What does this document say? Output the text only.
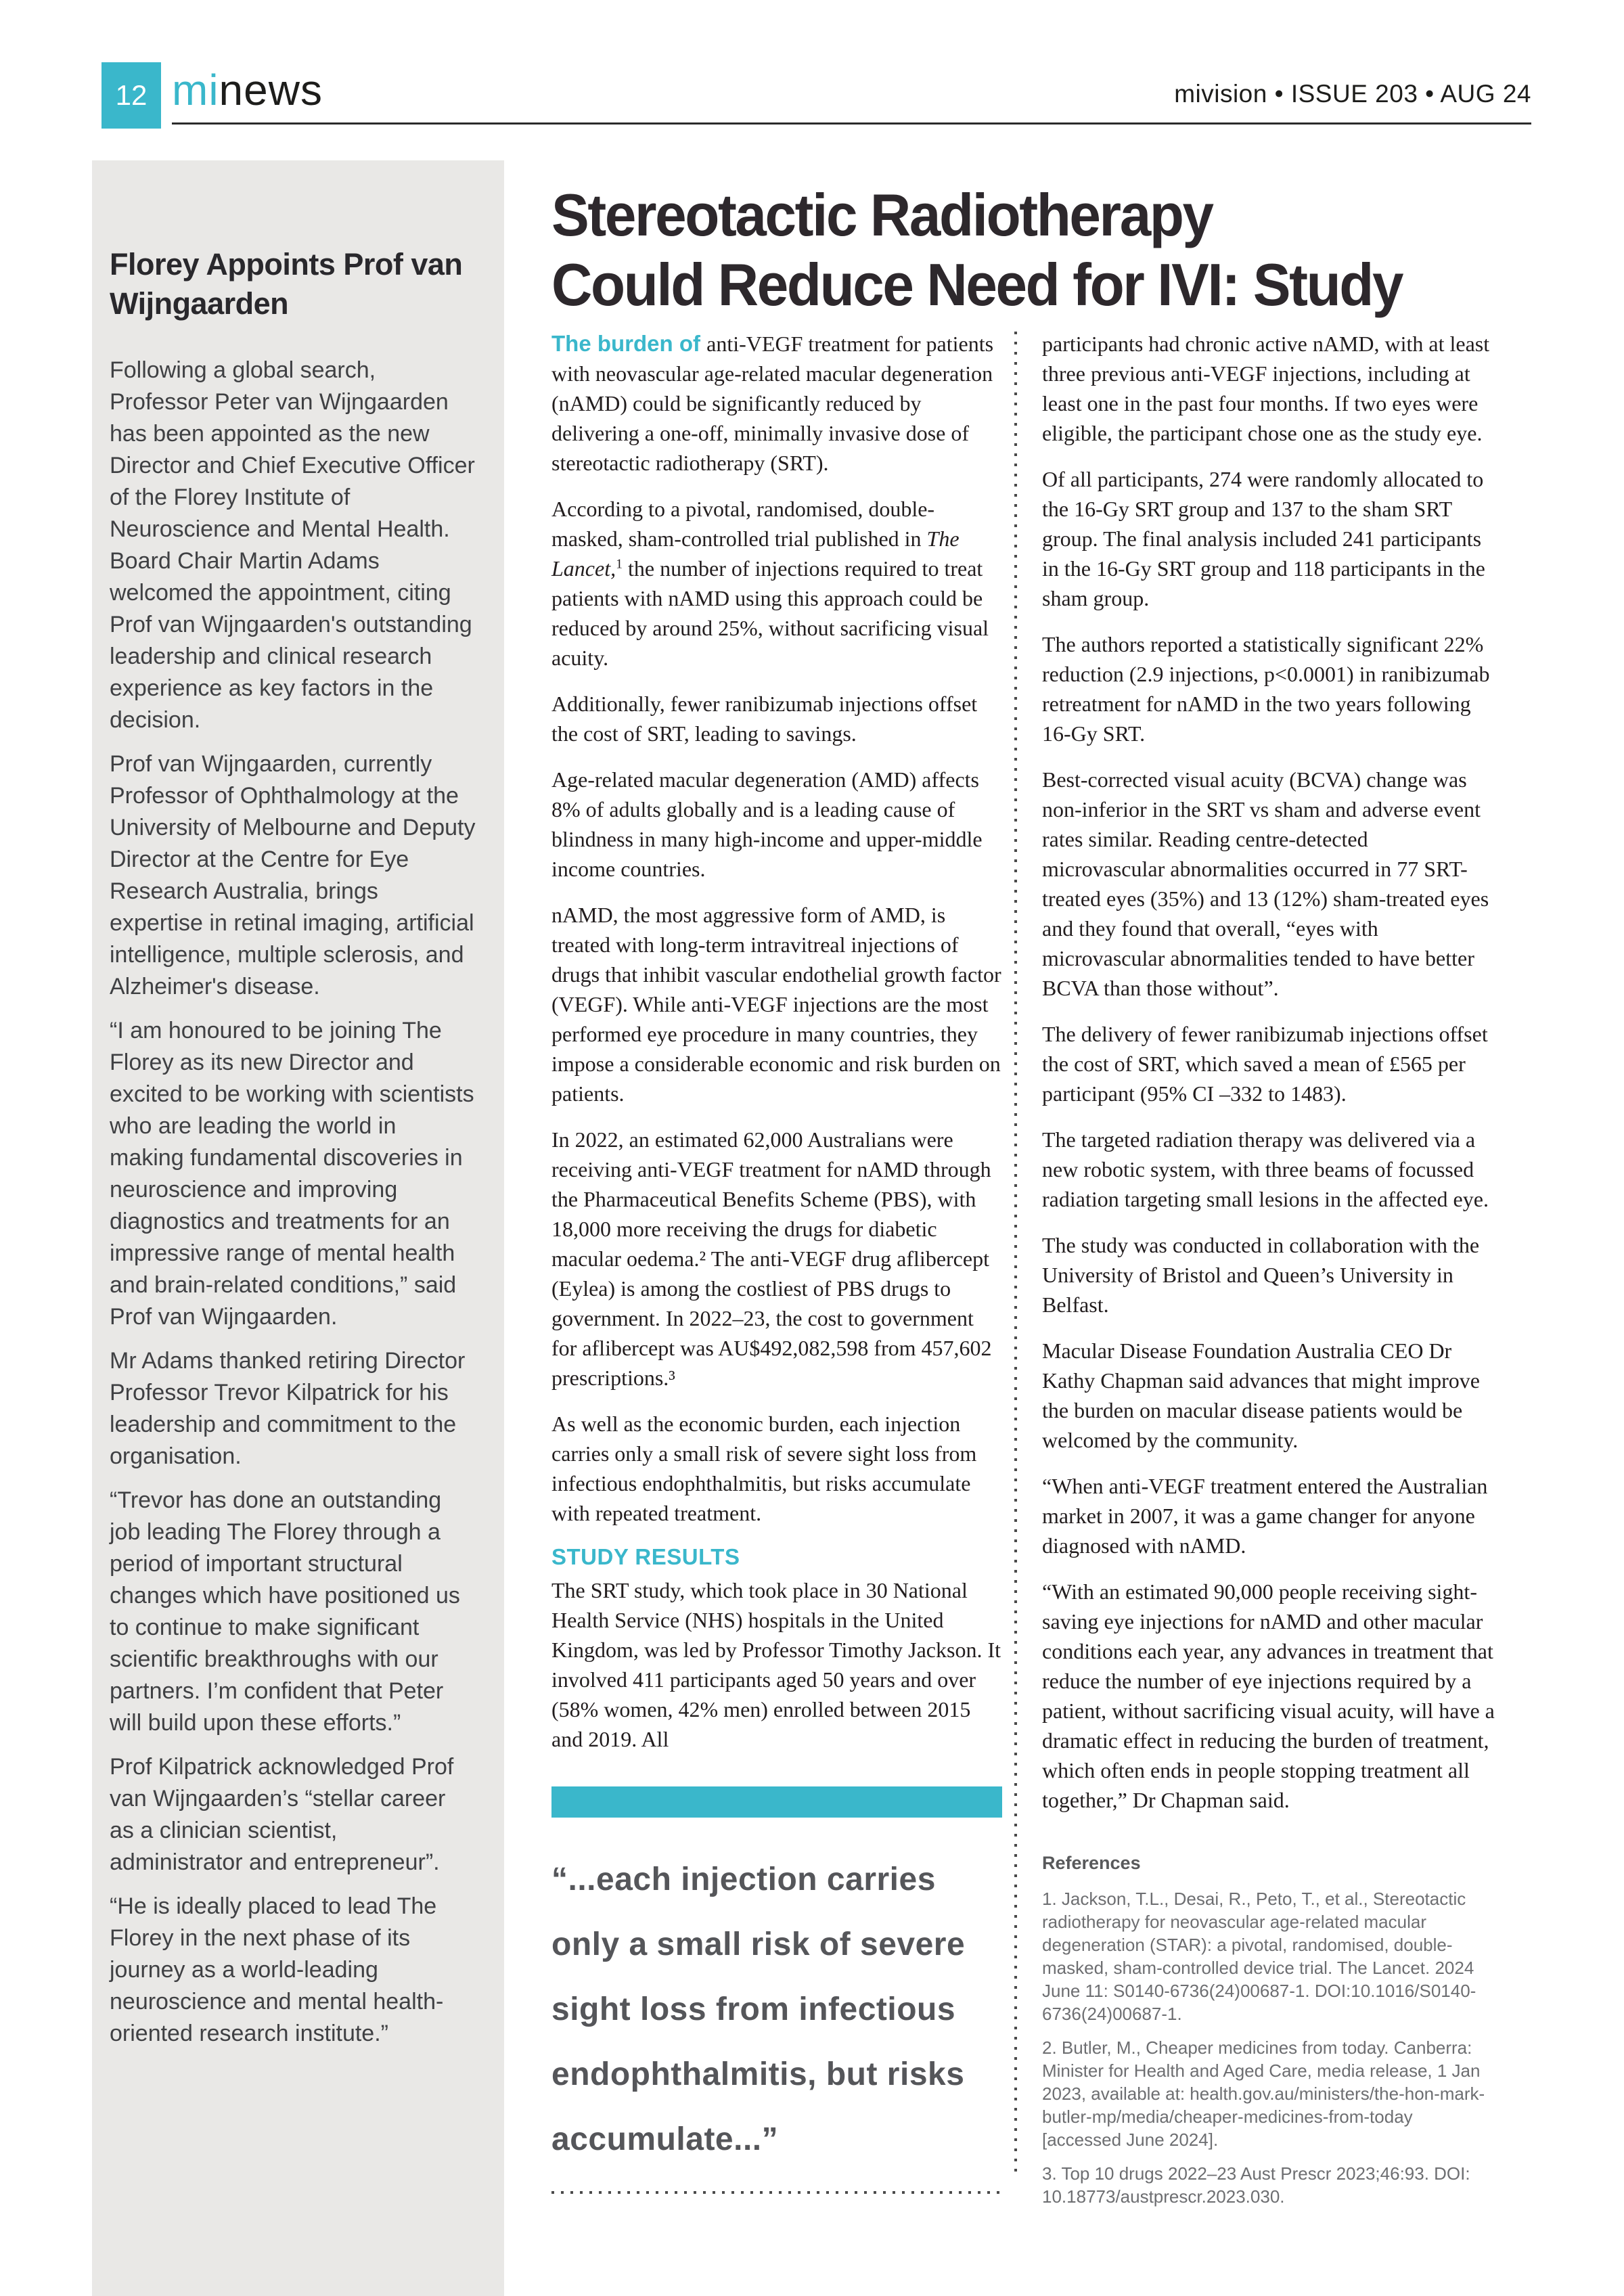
12 minews	mivision • ISSUE 203 • AUG 24
Florey Appoints Prof van Wijngaarden

Following a global search, Professor Peter van Wijngaarden has been appointed as the new Director and Chief Executive Officer of the Florey Institute of Neuroscience and Mental Health. Board Chair Martin Adams welcomed the appointment, citing Prof van Wijngaarden's outstanding leadership and clinical research experience as key factors in the decision.

Prof van Wijngaarden, currently Professor of Ophthalmology at the University of Melbourne and Deputy Director at the Centre for Eye Research Australia, brings expertise in retinal imaging, artificial intelligence, multiple sclerosis, and Alzheimer's disease.

“I am honoured to be joining The Florey as its new Director and excited to be working with scientists who are leading the world in making fundamental discoveries in neuroscience and improving diagnostics and treatments for an impressive range of mental health and brain-related conditions,” said Prof van Wijngaarden.

Mr Adams thanked retiring Director Professor Trevor Kilpatrick for his leadership and commitment to the organisation.

“Trevor has done an outstanding job leading The Florey through a period of important structural changes which have positioned us to continue to make significant scientific breakthroughs with our partners. I’m confident that Peter will build upon these efforts.”

Prof Kilpatrick acknowledged Prof van Wijngaarden’s “stellar career as a clinician scientist, administrator and entrepreneur”.

“He is ideally placed to lead The Florey in the next phase of its journey as a world-leading neuroscience and mental health-oriented research institute.”

Stereotactic Radiotherapy
Could Reduce Need for IVI: Study

The burden of anti-VEGF treatment for patients with neovascular age-related macular degeneration (nAMD) could be significantly reduced by delivering a one-off, minimally invasive dose of stereotactic radiotherapy (SRT).

According to a pivotal, randomised, double-masked, sham-controlled trial published in The Lancet,$^1$ the number of injections required to treat patients with nAMD using this approach could be reduced by around 25%, without sacrificing visual acuity.

Additionally, fewer ranibizumab injections offset the cost of SRT, leading to savings.

Age-related macular degeneration (AMD) affects 8% of adults globally and is a leading cause of blindness in many high-income and upper-middle income countries.

nAMD, the most aggressive form of AMD, is treated with long-term intravitreal injections of drugs that inhibit vascular endothelial growth factor (VEGF). While anti-VEGF injections are the most performed eye procedure in many countries, they impose a considerable economic and risk burden on patients.

In 2022, an estimated 62,000 Australians were receiving anti-VEGF treatment for nAMD through the Pharmaceutical Benefits Scheme (PBS), with 18,000 more receiving the drugs for diabetic macular oedema.² The anti-VEGF drug aflibercept (Eylea) is among the costliest of PBS drugs to government. In 2022–23, the cost to government for aflibercept was AU$492,082,598 from 457,602 prescriptions.³

As well as the economic burden, each injection carries only a small risk of severe sight loss from infectious endophthalmitis, but risks accumulate with repeated treatment.

STUDY RESULTS

The SRT study, which took place in 30 National Health Service (NHS) hospitals in the United Kingdom, was led by Professor Timothy Jackson. It involved 411 participants aged 50 years and over (58% women, 42% men) enrolled between 2015 and 2019. All

“...each injection carries only a small risk of severe sight loss from infectious endophthalmitis, but risks accumulate...”

participants had chronic active nAMD, with at least three previous anti-VEGF injections, including at least one in the past four months. If two eyes were eligible, the participant chose one as the study eye.

Of all participants, 274 were randomly allocated to the 16-Gy SRT group and 137 to the sham SRT group. The final analysis included 241 participants in the 16-Gy SRT group and 118 participants in the sham group.

The authors reported a statistically significant 22% reduction (2.9 injections, p<0.0001) in ranibizumab retreatment for nAMD in the two years following 16-Gy SRT.

Best-corrected visual acuity (BCVA) change was non-inferior in the SRT vs sham and adverse event rates similar. Reading centre-detected microvascular abnormalities occurred in 77 SRT-treated eyes (35%) and 13 (12%) sham-treated eyes and they found that overall, “eyes with microvascular abnormalities tended to have better BCVA than those without”.

The delivery of fewer ranibizumab injections offset the cost of SRT, which saved a mean of £565 per participant (95% CI –332 to 1483).

The targeted radiation therapy was delivered via a new robotic system, with three beams of focussed radiation targeting small lesions in the affected eye.

The study was conducted in collaboration with the University of Bristol and Queen’s University in Belfast.

Macular Disease Foundation Australia CEO Dr Kathy Chapman said advances that might improve the burden on macular disease patients would be welcomed by the community.

“When anti-VEGF treatment entered the Australian market in 2007, it was a game changer for anyone diagnosed with nAMD.

“With an estimated 90,000 people receiving sight-saving eye injections for nAMD and other macular conditions each year, any advances in treatment that reduce the number of eye injections required by a patient, without sacrificing visual acuity, will have a dramatic effect in reducing the burden of treatment, which often ends in people stopping treatment all together,” Dr Chapman said.

References

1. Jackson, T.L., Desai, R., Peto, T., et al., Stereotactic radiotherapy for neovascular age-related macular degeneration (STAR): a pivotal, randomised, double-masked, sham-controlled device trial. The Lancet. 2024 June 11: S0140-6736(24)00687-1. DOI:10.1016/S0140-6736(24)00687-1.

2. Butler, M., Cheaper medicines from today. Canberra: Minister for Health and Aged Care, media release, 1 Jan 2023, available at: health.gov.au/ministers/the-hon-mark-butler-mp/media/cheaper-medicines-from-today [accessed June 2024].

3. Top 10 drugs 2022–23 Aust Prescr 2023;46:93. DOI: 10.18773/austprescr.2023.030.
